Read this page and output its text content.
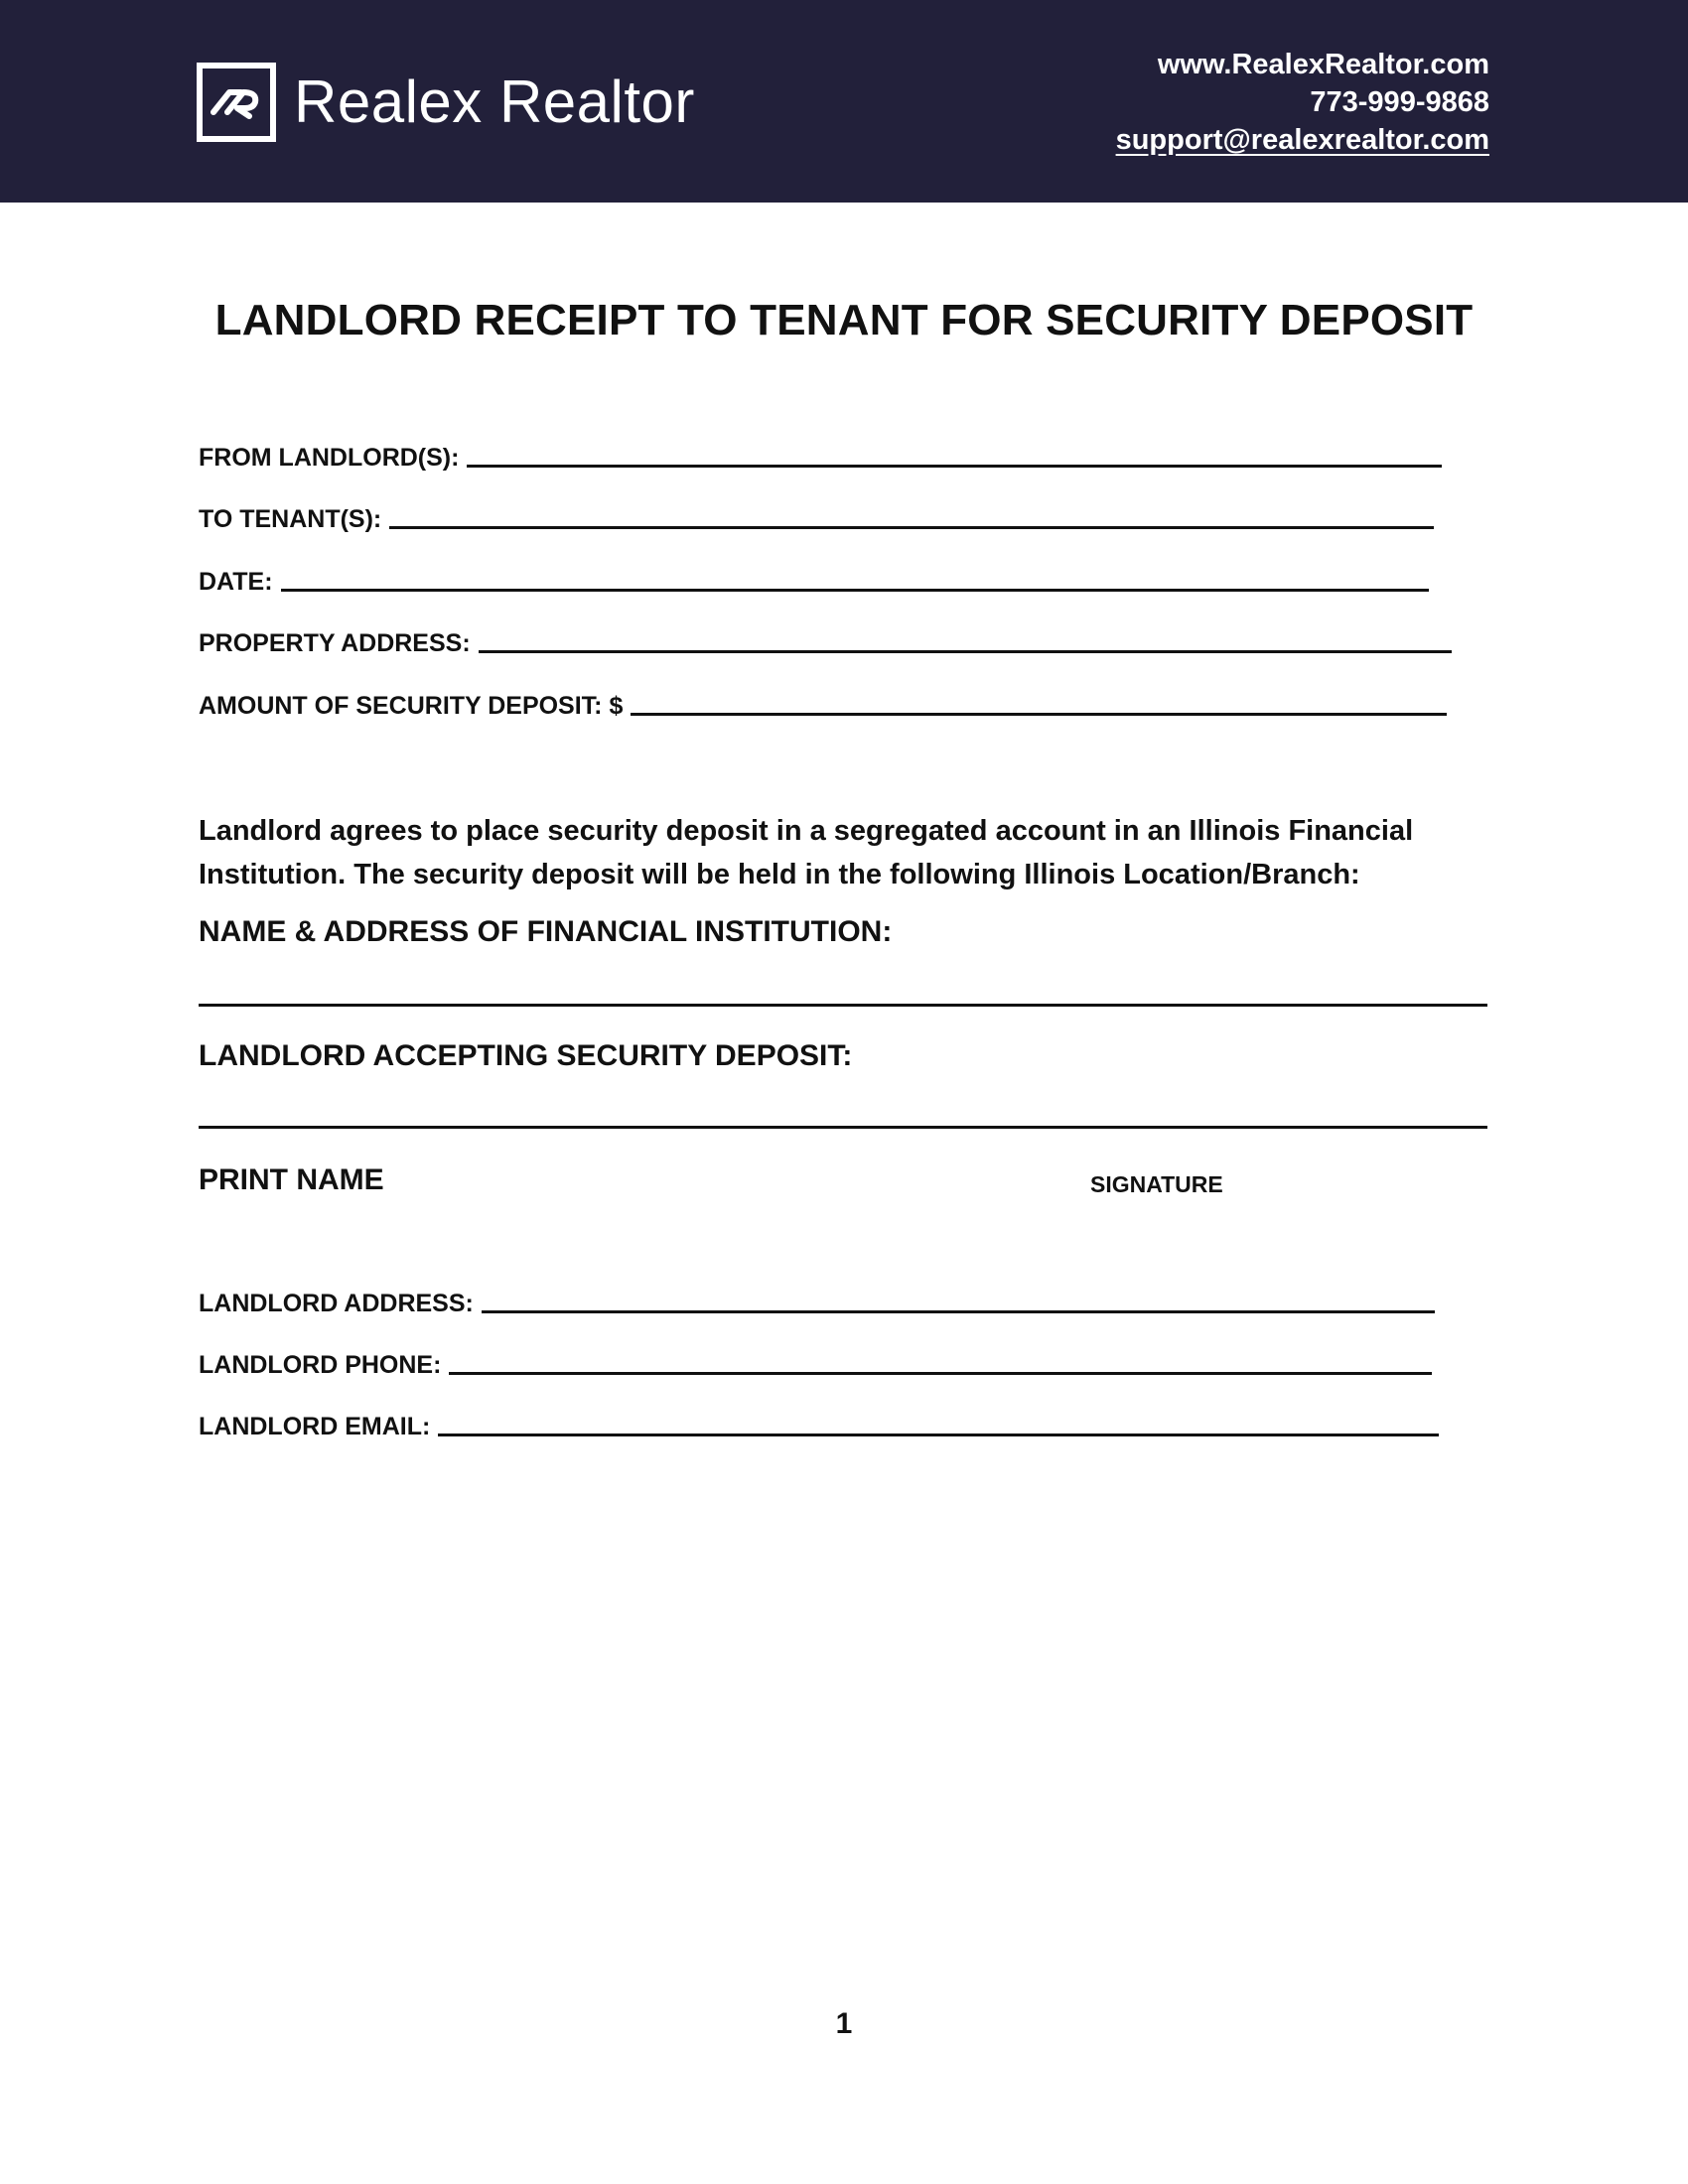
Realex Realtor
www.RealexRealtor.com
773-999-9868
support@realexrealtor.com
LANDLORD RECEIPT TO TENANT FOR SECURITY DEPOSIT
FROM LANDLORD(S):
TO TENANT(S):
DATE:
PROPERTY ADDRESS:
AMOUNT OF SECURITY DEPOSIT: $
Landlord agrees to place security deposit in a segregated account in an Illinois Financial Institution. The security deposit will be held in the following Illinois Location/Branch:
NAME & ADDRESS OF FINANCIAL INSTITUTION:
LANDLORD ACCEPTING SECURITY DEPOSIT:
PRINT NAME	SIGNATURE
LANDLORD ADDRESS:
LANDLORD PHONE:
LANDLORD EMAIL:
1
